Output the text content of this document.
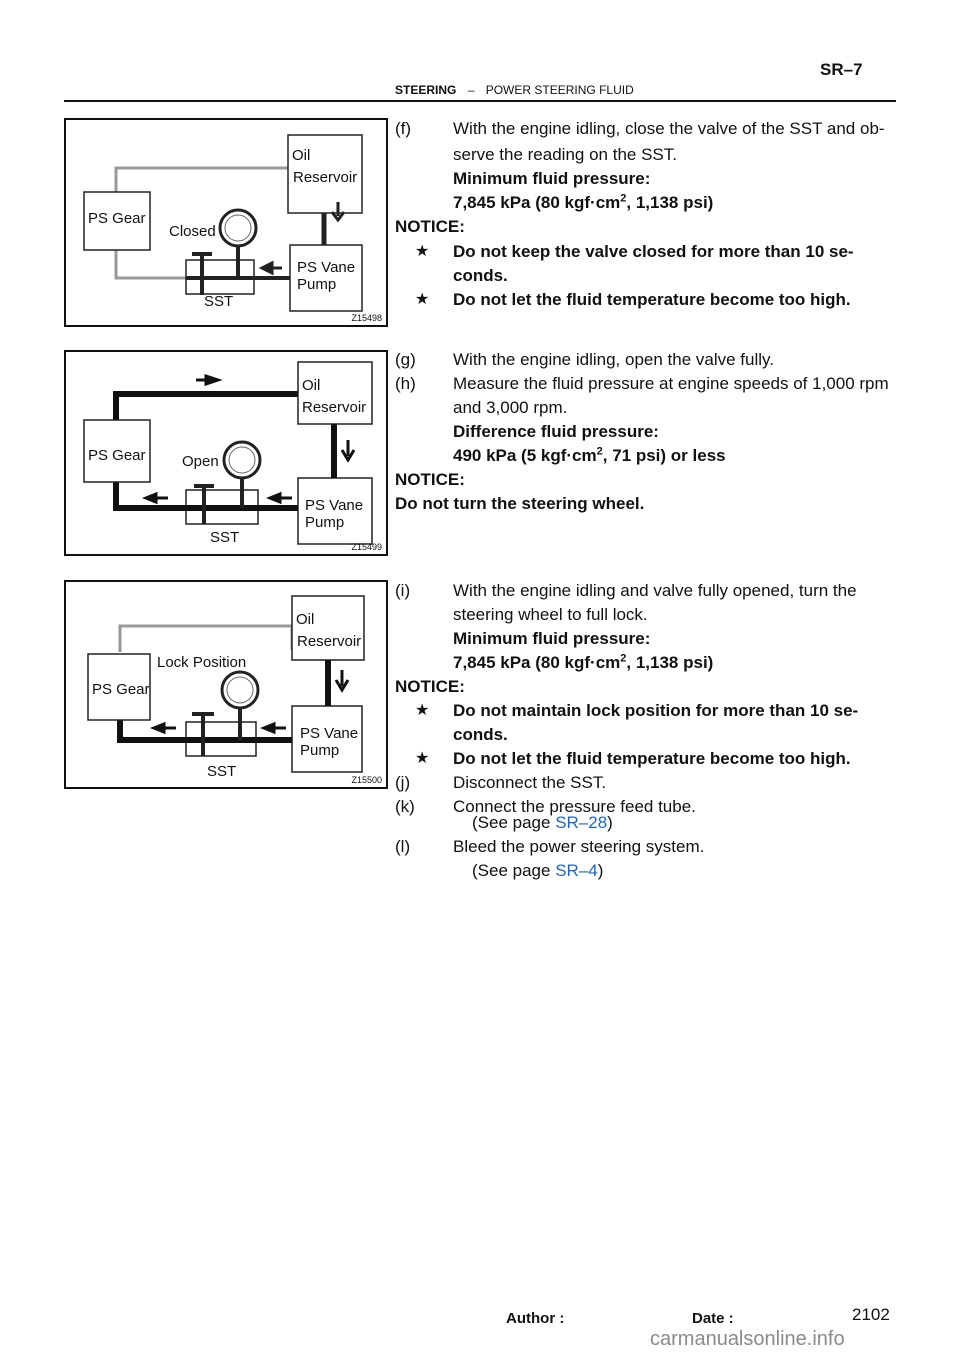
SR–7
STEERING – POWER STEERING FLUID
PS Gear
Closed
Oil
Reservoir
PS Vane
Pump
SST
Z15498
PS Gear Open
Oil
Reservoir
PS Vane
Pump
SST
Z15499
PS Gear
Lock Position
Oil
Reservoir
PS Vane
Pump
SST	Z15500
(f) With the engine idling, close the valve of the SST and ob-
serve the reading on the SST.
Minimum fluid pressure:
7,845 kPa (80 $kgf\cdot cm^2$, 1,138 psi)
NOTICE:
★ Do not keep the valve closed for more than 10 se-
conds.
★ Do not let the fluid temperature become too high.
(g) With the engine idling, open the valve fully.
(h) Measure the fluid pressure at engine speeds of 1,000 rpm
and 3,000 rpm.
Difference fluid pressure:
490 kPa (5 $kgf\cdot cm^2$, 71 psi) or less
NOTICE:
Do not turn the steering wheel.
(i)	With the engine idling and valve fully opened, turn the
steering wheel to full lock.
Minimum fluid pressure:
7,845 kPa (80 $kgf\cdot cm^2$, 1,138 psi)
NOTICE:
★ Do not maintain lock position for more than 10 se-
conds.
★ Do not let the fluid temperature become too high.
(j)	Disconnect the SST.
(k) Connect the pressure feed tube.
(See page SR–28)
(l)	Bleed the power steering system.
(See page SR–4)
Author :	Date :	2102
carmanualsonline.info
